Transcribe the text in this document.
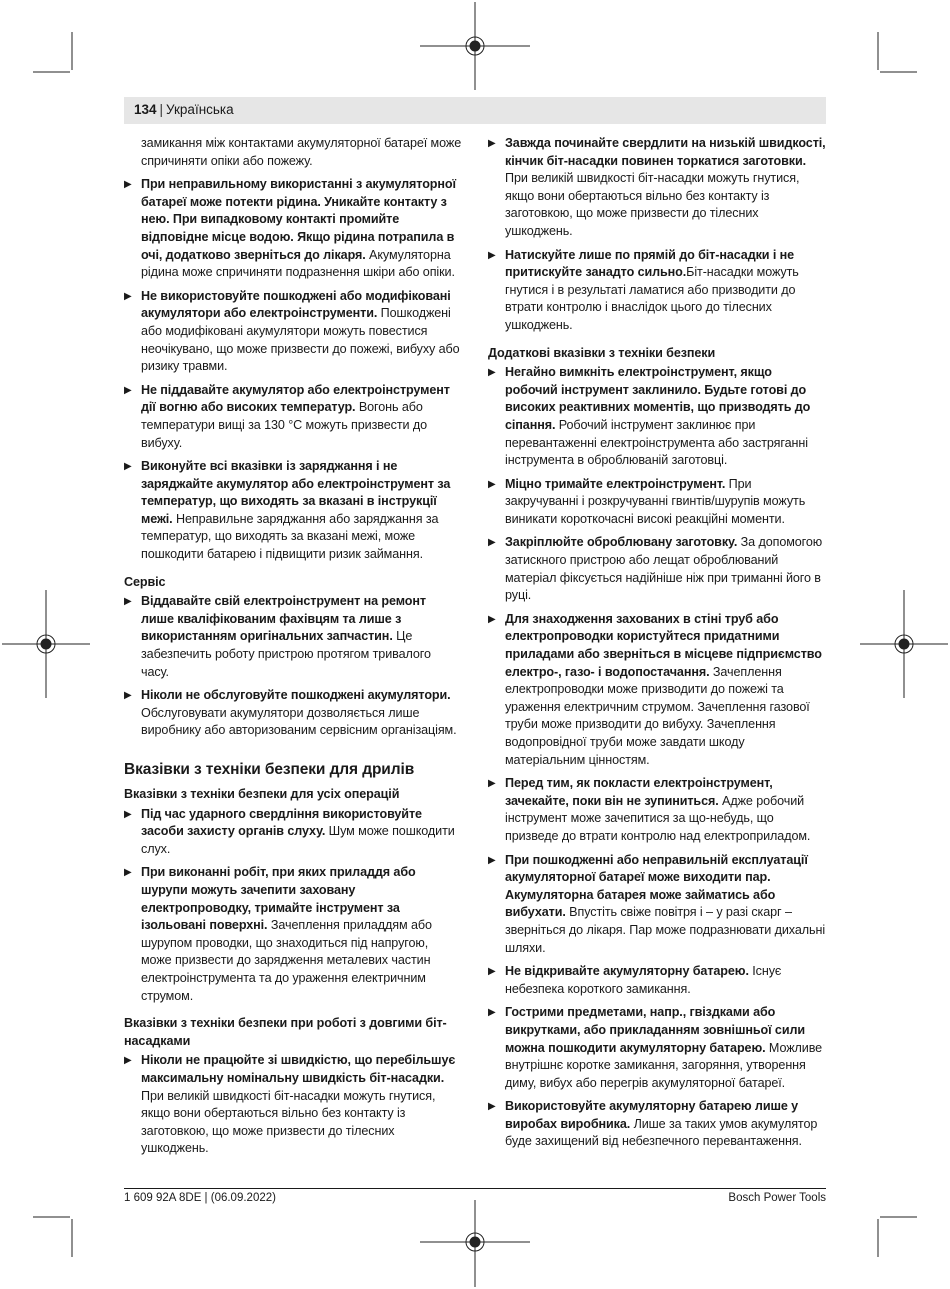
134 | Українська
замикання між контактами акумуляторної батареї може спричиняти опіки або пожежу.
▶ При неправильному використанні з акумуляторної батареї може потекти рідина. Уникайте контакту з нею. При випадковому контакті промийте відповідне місце водою. Якщо рідина потрапила в очі, додатково зверніться до лікаря. Акумуляторна рідина може спричиняти подразнення шкіри або опіки.
▶ Не використовуйте пошкоджені або модифіковані акумулятори або електроінструменти. Пошкоджені або модифіковані акумулятори можуть повестися неочікувано, що може призвести до пожежі, вибуху або ризику травми.
▶ Не піддавайте акумулятор або електроінструмент дії вогню або високих температур. Вогонь або температури вищі за 130 °C можуть призвести до вибуху.
▶ Виконуйте всі вказівки із заряджання і не заряджайте акумулятор або електроінструмент за температур, що виходять за вказані в інструкції межі. Неправильне заряджання або заряджання за температур, що виходять за вказані межі, може пошкодити батарею і підвищити ризик займання.
Сервіс
▶ Віддавайте свій електроінструмент на ремонт лише кваліфікованим фахівцям та лише з використанням оригінальних запчастин. Це забезпечить роботу пристрою протягом тривалого часу.
▶ Ніколи не обслуговуйте пошкоджені акумулятори. Обслуговувати акумулятори дозволяється лише виробнику або авторизованим сервісним організаціям.
Вказівки з техніки безпеки для дрилів
Вказівки з техніки безпеки для усіх операцій
▶ Під час ударного свердління використовуйте засоби захисту органів слуху. Шум може пошкодити слух.
▶ При виконанні робіт, при яких приладдя або шурупи можуть зачепити заховану електропроводку, тримайте інструмент за ізольовані поверхні. Зачеплення приладдям або шурупом проводки, що знаходиться під напругою, може призвести до зарядження металевих частин електроінструмента та до ураження електричним струмом.
Вказівки з техніки безпеки при роботі з довгими біт-насадками
▶ Ніколи не працюйте зі швидкістю, що перебільшує максимальну номінальну швидкість біт-насадки. При великій швидкості біт-насадки можуть гнутися, якщо вони обертаються вільно без контакту із заготовкою, що може призвести до тілесних ушкоджень.
▶ Завжда починайте свердлити на низькій швидкості, кінчик біт-насадки повинен торкатися заготовки. При великій швидкості біт-насадки можуть гнутися, якщо вони обертаються вільно без контакту із заготовкою, що може призвести до тілесних ушкоджень.
▶ Натискуйте лише по прямій до біт-насадки і не притискуйте занадто сильно.Біт-насадки можуть гнутися і в результаті ламатися або призводити до втрати контролю і внаслідок цього до тілесних ушкоджень.
Додаткові вказівки з техніки безпеки
▶ Негайно вимкніть електроінструмент, якщо робочий інструмент заклинило. Будьте готові до високих реактивних моментів, що призводять до сіпання. Робочий інструмент заклинює при перевантаженні електроінструмента або застряганні інструмента в оброблюваній заготовці.
▶ Міцно тримайте електроінструмент. При закручуванні і розкручуванні гвинтів/шурупів можуть виникати короткочасні високі реакційні моменти.
▶ Закріплюйте оброблювану заготовку. За допомогою затискного пристрою або лещат оброблюваний матеріал фіксується надійніше ніж при триманні його в руці.
▶ Для знаходження захованих в стіні труб або електропроводки користуйтеся придатними приладами або зверніться в місцеве підприємство електро-, газо- і водопостачання. Зачеплення електропроводки може призводити до пожежі та ураження електричним струмом. Зачеплення газової труби може призводити до вибуху. Зачеплення водопровідної труби може завдати шкоду матеріальним цінностям.
▶ Перед тим, як покласти електроінструмент, зачекайте, поки він не зупиниться. Адже робочий інструмент може зачепитися за що-небудь, що призведе до втрати контролю над електроприладом.
▶ При пошкодженні або неправильній експлуатації акумуляторної батареї може виходити пар. Акумуляторна батарея може займатись або вибухати. Впустіть свіже повітря і – у разі скарг – зверніться до лікаря. Пар може подразнювати дихальні шляхи.
▶ Не відкривайте акумуляторну батарею. Існує небезпека короткого замикання.
▶ Гострими предметами, напр., гвіздками або викрутками, або прикладанням зовнішньої сили можна пошкодити акумуляторну батарею. Можливе внутрішнє коротке замикання, загоряння, утворення диму, вибух або перегрів акумуляторної батареї.
▶ Використовуйте акумуляторну батарею лише у виробах виробника. Лише за таких умов акумулятор буде захищений від небезпечного перевантаження.
1 609 92A 8DE | (06.09.2022)	Bosch Power Tools
